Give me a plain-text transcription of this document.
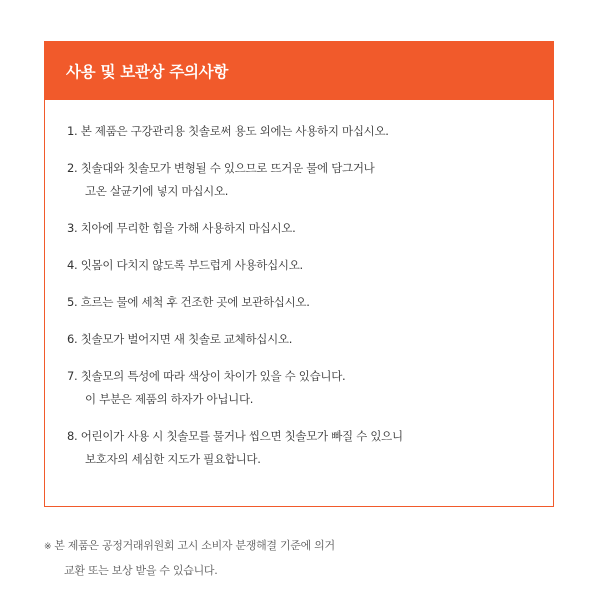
사용 및 보관상 주의사항
1. 본 제품은 구강관리용 칫솔로써 용도 외에는 사용하지 마십시오.
2. 칫솔대와 칫솔모가 변형될 수 있으므로 뜨거운 물에 담그거나
고온 살균기에 넣지 마십시오.
3. 치아에 무리한 힘을 가해 사용하지 마십시오.
4. 잇몸이 다치지 않도록 부드럽게 사용하십시오.
5. 흐르는 물에 세척 후 건조한 곳에 보관하십시오.
6. 칫솔모가 벌어지면 새 칫솔로 교체하십시오.
7. 칫솔모의 특성에 따라 색상이 차이가 있을 수 있습니다.
이 부분은 제품의 하자가 아닙니다.
8. 어린이가 사용 시 칫솔모를 물거나 씹으면 칫솔모가 빠질 수 있으니
보호자의 세심한 지도가 필요합니다.
※ 본 제품은 공정거래위원회 고시 소비자 분쟁해결 기준에 의거
교환 또는 보상 받을 수 있습니다.
